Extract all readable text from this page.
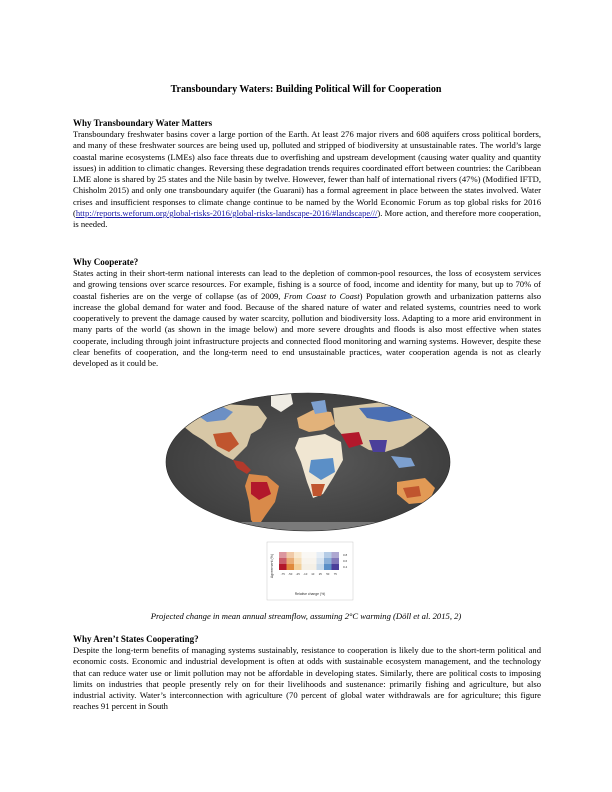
Transboundary Waters: Building Political Will for Cooperation
Why Transboundary Water Matters

Transboundary freshwater basins cover a large portion of the Earth. At least 276 major rivers and 608 aquifers cross political borders, and many of these freshwater sources are being used up, polluted and stripped of biodiversity at unsustainable rates. The world’s large coastal marine ecosystems (LMEs) also face threats due to overfishing and upstream development (causing water quality and quantity issues) in addition to climatic changes. Reversing these degradation trends requires coordinated effort between countries: the Caribbean LME alone is shared by 25 states and the Nile basin by twelve. However, fewer than half of international rivers (47%) (Modified IFTD, Chisholm 2015) and only one transboundary aquifer (the Guarani) has a formal agreement in place between the states involved. Water crises and insufficient responses to climate change continue to be named by the World Economic Forum as top global risks for 2016 (http://reports.weforum.org/global-risks-2016/global-risks-landscape-2016/#landscape///). More action, and therefore more cooperation, is needed.

Why Cooperate?

States acting in their short-term national interests can lead to the depletion of common-pool resources, the loss of ecosystem services and growing tensions over scarce resources. For example, fishing is a source of food, income and identity for many, but up to 70% of coastal fisheries are on the verge of collapse (as of 2009, From Coast to Coast) Population growth and urbanization patterns also increase the global demand for water and food. Because of the shared nature of water and related systems, countries need to work cooperatively to prevent the damage caused by water scarcity, pollution and biodiversity loss. Adapting to a more arid environment in many parts of the world (as shown in the image below) and more severe droughts and floods is also most effective when states cooperate, including through joint infrastructure projects and connected flood monitoring and warning systems. However, despite these clear benefits of cooperation, and the long-term need to end unsustainable practices, water cooperation agenda is not as clearly developed as it could be.

Agreement (%)	0.8
0.6
0.4
-75 -50 -25 -10 10 25 50 75
Relative change (%)
Projected change in mean annual streamflow, assuming 2°C warming (Döll et al. 2015, 2)
Why Aren’t States Cooperating?

Despite the long-term benefits of managing systems sustainably, resistance to cooperation is likely due to the short-term political and economic costs. Economic and industrial development is often at odds with sustainable ecosystem management, and the technology that can reduce water use or limit pollution may not be affordable in developing states. Similarly, there are political costs to imposing limits on industries that people presently rely on for their livelihoods and sustenance: primarily fishing and agriculture, but also industrial activity. Water’s interconnection with agriculture (70 percent of global water withdrawals are for agriculture; this figure reaches 91 percent in South
